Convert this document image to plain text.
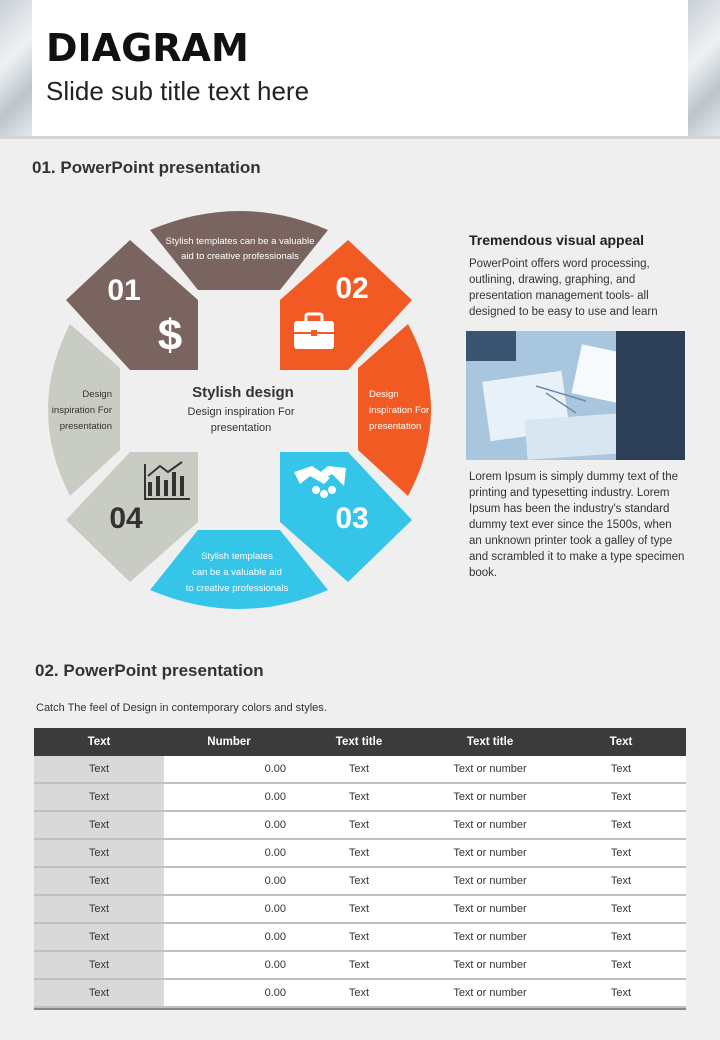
DIAGRAM
Slide sub title text here
01. PowerPoint presentation
01	02
03
04
$
Stylish templates can be a valuable
aid to creative professionals
Design
inspiration For
presentation
Stylish templates
can be a valuable aid
to creative professionals
Design
inspiration For
presentation
Stylish design
Design inspiration For
presentation
Tremendous visual appeal
PowerPoint offers word processing, outlining, drawing, graphing, and presentation management tools- all designed to be easy to use and learn
Lorem Ipsum is simply dummy text of the printing and typesetting industry. Lorem Ipsum has been the industry's standard dummy text ever since the 1500s, when an unknown printer took a galley of type and scrambled it to make a type specimen book.
02. PowerPoint presentation
Catch The feel of Design in contemporary colors and styles.
Text	Number	Text title	Text title	Text
Text	0.00	Text	Text or number	Text
Text	0.00	Text	Text or number	Text
Text	0.00	Text	Text or number	Text
Text	0.00	Text	Text or number	Text
Text	0.00	Text	Text or number	Text
Text	0.00	Text	Text or number	Text
Text	0.00	Text	Text or number	Text
Text	0.00	Text	Text or number	Text
Text	0.00	Text	Text or number	Text
